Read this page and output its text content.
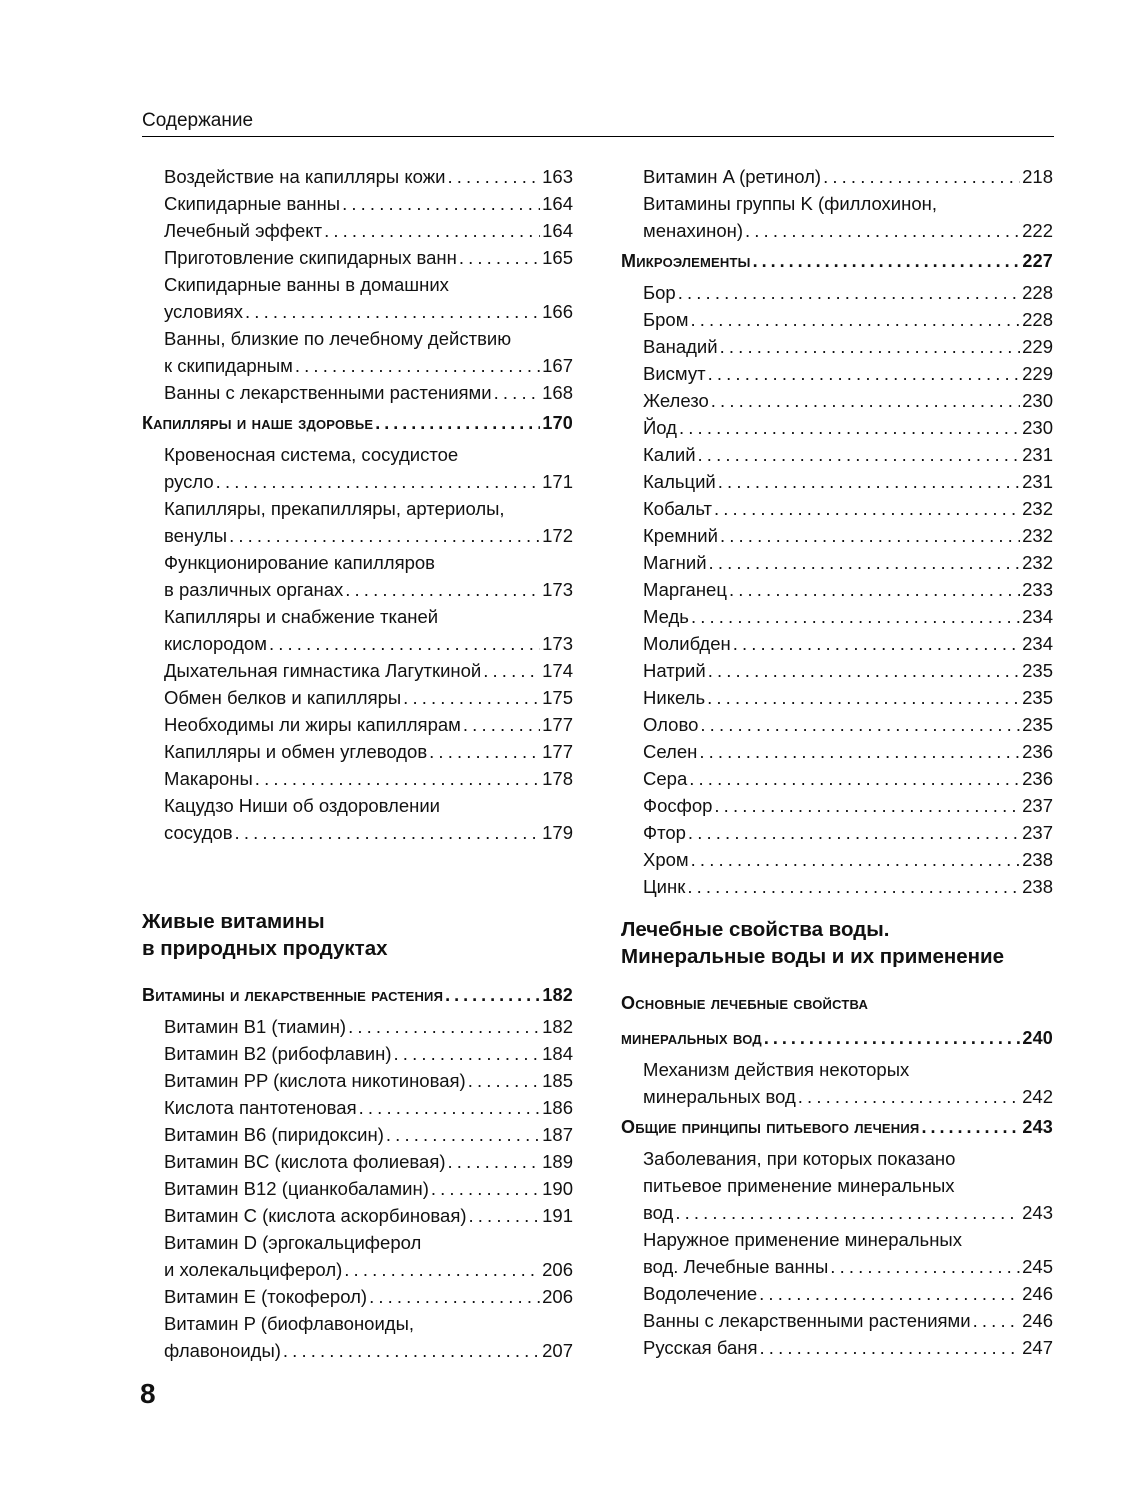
Содержание
Воздействие на капилляры кожи . . .	163
Скипидарные ванны . . .	164
Лечебный эффект . . .	164
Приготовление скипидарных ванн . . .	165
Скипидарные ванны в домашних
условиях . . .	166
Ванны, близкие по лечебному действию
к скипидарным . . .	167
Ванны с лекарственными растениями . . .	168
Капилляры и наше здоровье . . .	170
Кровеносная система, сосудистое
русло . . .	171
Капилляры, прекапилляры, артериолы,
венулы . . .	172
Функционирование капилляров
в различных органах . . .	173
Капилляры и снабжение тканей
кислородом . . .	173
Дыхательная гимнастика Лагуткиной . . .	174
Обмен белков и капилляры . . .	175
Необходимы ли жиры капиллярам . . .	177
Капилляры и обмен углеводов . . .	177
Макароны . . .	178
Кацудзо Ниши об оздоровлении
сосудов . . .	179
Живые витамины
в природных продуктах
Витамины и лекарственные растения . . .	182
Витамин B1 (тиамин) . . .	182
Витамин B2 (рибофлавин) . . .	184
Витамин PP (кислота никотиновая) . . .	185
Кислота пантотеновая . . .	186
Витамин B6 (пиридоксин) . . .	187
Витамин BC (кислота фолиевая) . . .	189
Витамин B12 (цианкобаламин) . . .	190
Витамин C (кислота аскорбиновая) . . .	191
Витамин D (эргокальциферол
и холекальциферол) . . .	206
Витамин E (токоферол) . . .	206
Витамин P (биофлавоноиды,
флавоноиды) . . .	207
Витамин A (ретинол) . . .	218
Витамины группы K (филлохинон,
менахинон) . . .	222
Микроэлементы . . .	227
Бор . . .	228
Бром . . .	228
Ванадий . . .	229
Висмут . . .	229
Железо . . .	230
Йод . . .	230
Калий . . .	231
Кальций . . .	231
Кобальт . . .	232
Кремний . . .	232
Магний . . .	232
Марганец . . .	233
Медь . . .	234
Молибден . . .	234
Натрий . . .	235
Никель . . .	235
Олово . . .	235
Селен . . .	236
Сера . . .	236
Фосфор . . .	237
Фтор . . .	237
Хром . . .	238
Цинк . . .	238
Лечебные свойства воды.
Минеральные воды и их применение
Основные лечебные свойства
минеральных вод . . .	240
Механизм действия некоторых
минеральных вод . . .	242
Общие принципы питьевого лечения . . .	243
Заболевания, при которых показано
питьевое применение минеральных
вод . . .	243
Наружное применение минеральных
вод. Лечебные ванны . . .	245
Водолечение . . .	246
Ванны с лекарственными растениями . . .	246
Русская баня . . .	247
8
